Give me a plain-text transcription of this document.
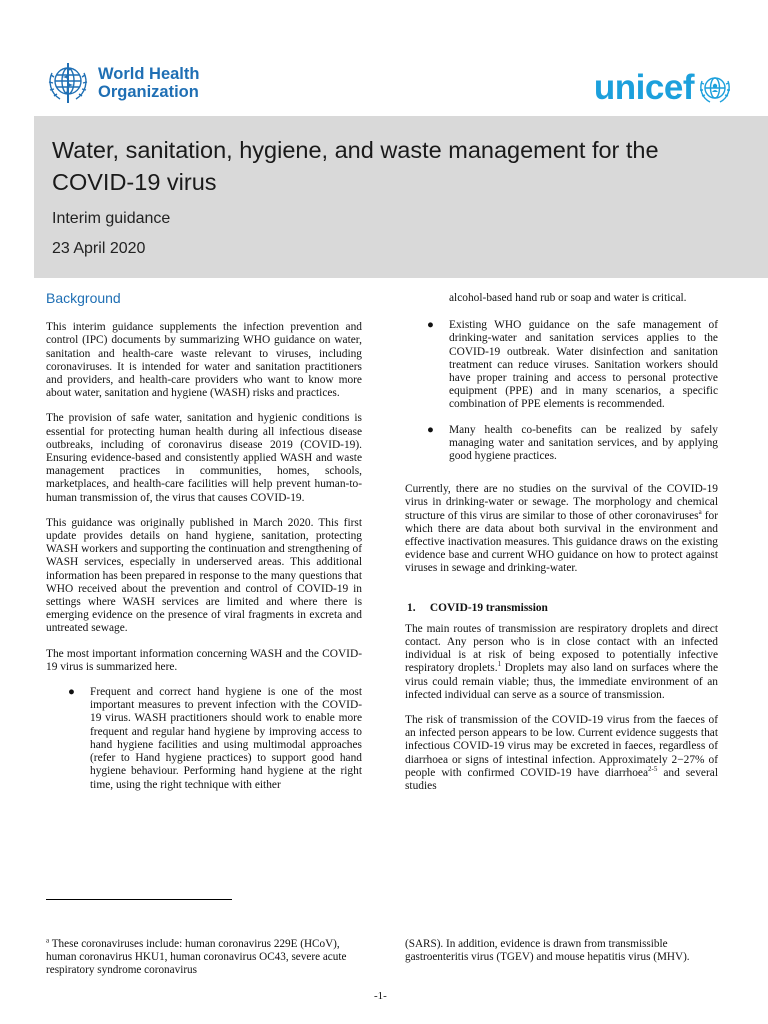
World Health
Organization	unicef
Water, sanitation, hygiene, and waste management for the COVID-19 virus
Interim guidance
23 April 2020

Background

This interim guidance supplements the infection prevention and control (IPC) documents by summarizing WHO guidance on water, sanitation and health-care waste relevant to viruses, including coronaviruses. It is intended for water and sanitation practitioners and providers, and health-care providers who want to know more about water, sanitation and hygiene (WASH) risks and practices.

The provision of safe water, sanitation and hygienic conditions is essential for protecting human health during all infectious disease outbreaks, including of coronavirus disease 2019 (COVID-19). Ensuring evidence-based and consistently applied WASH and waste management practices in communities, homes, schools, marketplaces, and health-care facilities will help prevent human-to-human transmission of, the virus that causes COVID-19.

This guidance was originally published in March 2020. This first update provides details on hand hygiene, sanitation, protecting WASH workers and supporting the continuation and strengthening of WASH services, especially in underserved areas. This additional information has been prepared in response to the many questions that WHO received about the prevention and control of COVID-19 in settings where WASH services are limited and where there is emerging evidence on the presence of viral fragments in excreta and untreated sewage.

The most important information concerning WASH and the COVID-19 virus is summarized here.

● Frequent and correct hand hygiene is one of the most important measures to prevent infection with the COVID-19 virus. WASH practitioners should work to enable more frequent and regular hand hygiene by improving access to hand hygiene facilities and using multimodal approaches (refer to Hand hygiene practices) to support good hand hygiene behaviour. Performing hand hygiene at the right time, using the right technique with either
alcohol-based hand rub or soap and water is critical.
● Existing WHO guidance on the safe management of drinking-water and sanitation services applies to the COVID-19 outbreak. Water disinfection and sanitation treatment can reduce viruses. Sanitation workers should have proper training and access to personal protective equipment (PPE) and in many scenarios, a specific combination of PPE elements is recommended.
● Many health co-benefits can be realized by safely managing water and sanitation services, and by applying good hygiene practices.

Currently, there are no studies on the survival of the COVID-19 virus in drinking-water or sewage. The morphology and chemical structure of this virus are similar to those of other coronaviruses$^a$ for which there are data about both survival in the environment and effective inactivation measures. This guidance draws on the existing evidence base and current WHO guidance on how to protect against viruses in sewage and drinking-water.

1. COVID-19 transmission

The main routes of transmission are respiratory droplets and direct contact. Any person who is in close contact with an infected individual is at risk of being exposed to potentially infective respiratory droplets.$^1$ Droplets may also land on surfaces where the virus could remain viable; thus, the immediate environment of an infected individual can serve as a source of transmission.

The risk of transmission of the COVID-19 virus from the faeces of an infected person appears to be low. Current evidence suggests that infectious COVID-19 virus may be excreted in faeces, regardless of diarrhoea or signs of intestinal infection. Approximately 2−27% of people with confirmed COVID-19 have diarrhoea$^{2-5}$ and several studies

$^a$ These coronaviruses include: human coronavirus 229E (HCoV), human coronavirus HKU1, human coronavirus OC43, severe acute respiratory syndrome coronavirus
(SARS). In addition, evidence is drawn from transmissible gastroenteritis virus (TGEV) and mouse hepatitis virus (MHV).
-1-
